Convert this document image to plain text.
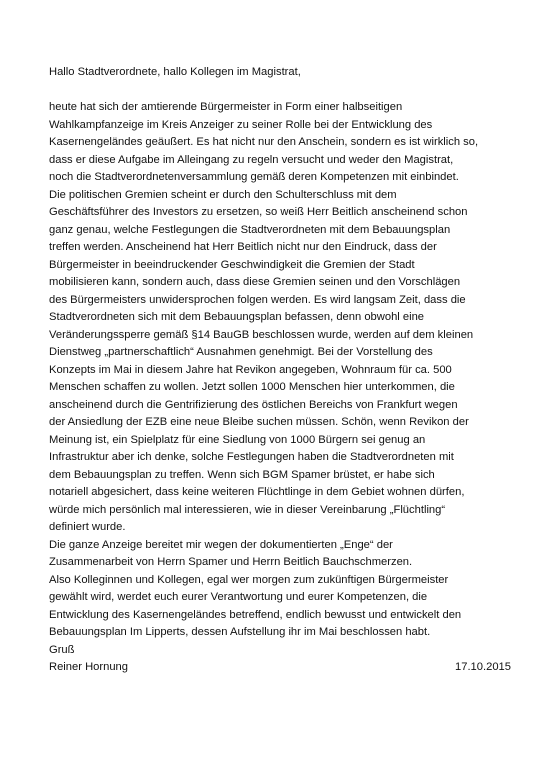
Hallo Stadtverordnete, hallo Kollegen im Magistrat,
heute hat sich der amtierende Bürgermeister in Form einer halbseitigen
Wahlkampfanzeige im Kreis Anzeiger zu seiner Rolle bei der Entwicklung des
Kasernengeländes geäußert. Es hat nicht nur den Anschein, sondern es ist wirklich so,
dass er diese Aufgabe im Alleingang zu regeln versucht und weder den Magistrat,
noch die Stadtverordnetenversammlung gemäß deren Kompetenzen mit einbindet.
Die politischen Gremien scheint er durch den Schulterschluss mit dem
Geschäftsführer des Investors zu ersetzen, so weiß Herr Beitlich anscheinend schon
ganz genau, welche Festlegungen die Stadtverordneten mit dem Bebauungsplan
treffen werden. Anscheinend hat Herr Beitlich nicht nur den Eindruck, dass der
Bürgermeister in beeindruckender Geschwindigkeit die Gremien der Stadt
mobilisieren kann, sondern auch, dass diese Gremien seinen und den Vorschlägen
des Bürgermeisters unwidersprochen folgen werden. Es wird langsam Zeit, dass die
Stadtverordneten sich mit dem Bebauungsplan befassen, denn obwohl eine
Veränderungssperre gemäß §14 BauGB beschlossen wurde, werden auf dem kleinen
Dienstweg „partnerschaftlich“ Ausnahmen genehmigt. Bei der Vorstellung des
Konzepts im Mai in diesem Jahre hat Revikon angegeben, Wohnraum für ca. 500
Menschen schaffen zu wollen. Jetzt sollen 1000 Menschen hier unterkommen, die
anscheinend durch die Gentrifizierung des östlichen Bereichs von Frankfurt wegen
der Ansiedlung der EZB eine neue Bleibe suchen müssen. Schön, wenn Revikon der
Meinung ist, ein Spielplatz für eine Siedlung von 1000 Bürgern sei genug an
Infrastruktur aber ich denke, solche Festlegungen haben die Stadtverordneten mit
dem Bebauungsplan zu treffen. Wenn sich BGM Spamer brüstet, er habe sich
notariell abgesichert, dass keine weiteren Flüchtlinge in dem Gebiet wohnen dürfen,
würde mich persönlich mal interessieren, wie in dieser Vereinbarung „Flüchtling“
definiert wurde.
Die ganze Anzeige bereitet mir wegen der dokumentierten „Enge“ der
Zusammenarbeit von Herrn Spamer und Herrn Beitlich Bauchschmerzen.
Also Kolleginnen und Kollegen, egal wer morgen zum zukünftigen Bürgermeister
gewählt wird, werdet euch eurer Verantwortung und eurer Kompetenzen, die
Entwicklung des Kasernengeländes betreffend, endlich bewusst und entwickelt den
Bebauungsplan Im Lipperts, dessen Aufstellung ihr im Mai beschlossen habt.
Gruß
Reiner Hornung	17.10.2015
